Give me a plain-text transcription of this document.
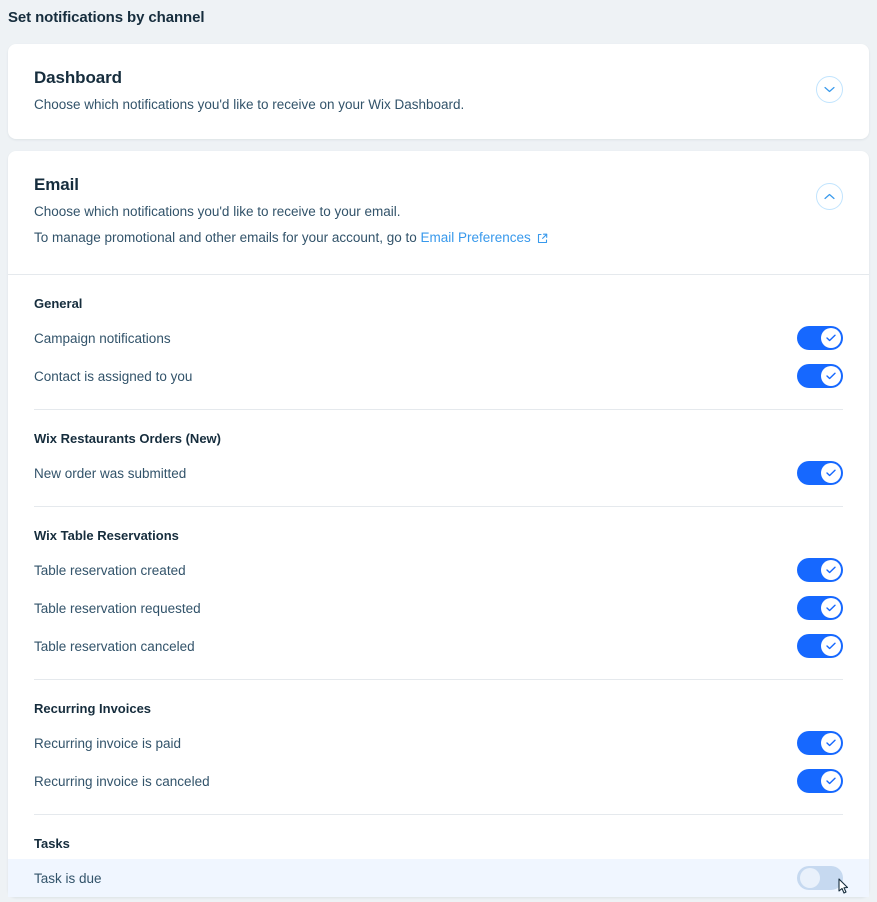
Set notifications by channel
Dashboard
Choose which notifications you'd like to receive on your Wix Dashboard.
Email
Choose which notifications you'd like to receive to your email.
To manage promotional and other emails for your account, go to Email Preferences
General
Campaign notifications
Contact is assigned to you
Wix Restaurants Orders (New)
New order was submitted
Wix Table Reservations
Table reservation created
Table reservation requested
Table reservation canceled
Recurring Invoices
Recurring invoice is paid
Recurring invoice is canceled
Tasks
Task is due
